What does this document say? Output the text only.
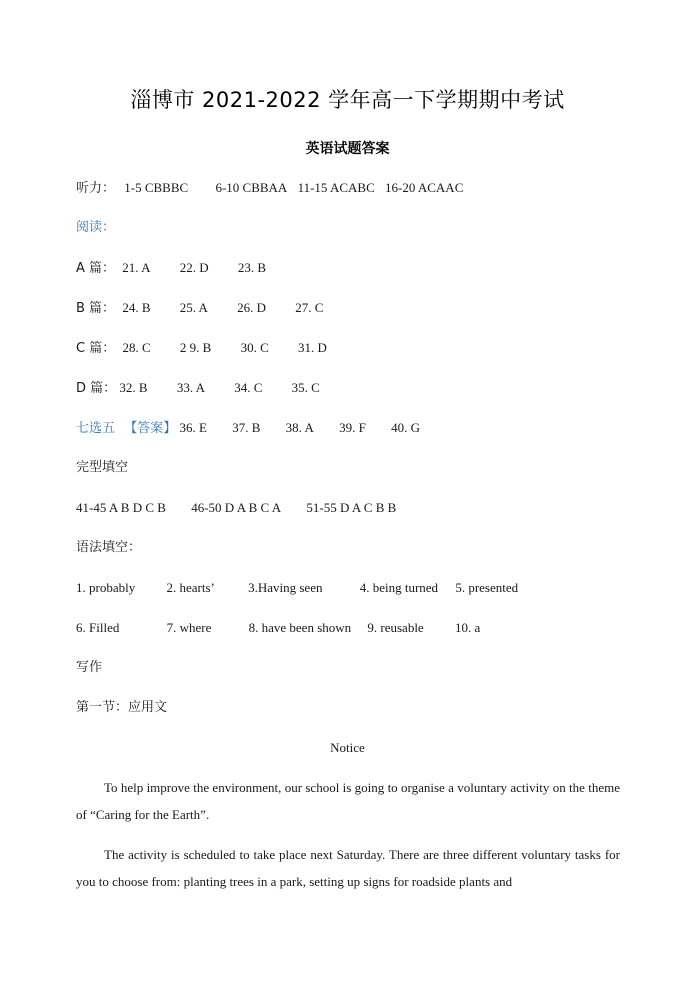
淄博市 2021-2022 学年高一下学期期中考试
英语试题答案
听力： 1-5 CBBBC 6-10 CBBAA 11-15 ACABC 16-20 ACAAC
阅读：
A 篇： 21. A 22. D 23. B
B 篇： 24. B 25. A 26. D 27. C
C 篇： 28. C 2 9. B 30. C 31. D
D 篇： 32. B 33. A 34. C 35. C
七选五 【答案】 36. E 37. B 38. A 39. F 40. G
完型填空
41-45 A B D C B 46-50 D A B C A 51-55 D A C B B
语法填空：
1. probably 2. hearts’	3.Having seen	4. being turned 5. presented
6. Filled	7. where	8. have been shown 9. reusable 10. a
写作
第一节：应用文
Notice
To help improve the environment, our school is going to organise a voluntary activity on the theme of “Caring for the Earth”.
The activity is scheduled to take place next Saturday. There are three different voluntary tasks for you to choose from: planting trees in a park, setting up signs for roadside plants and
